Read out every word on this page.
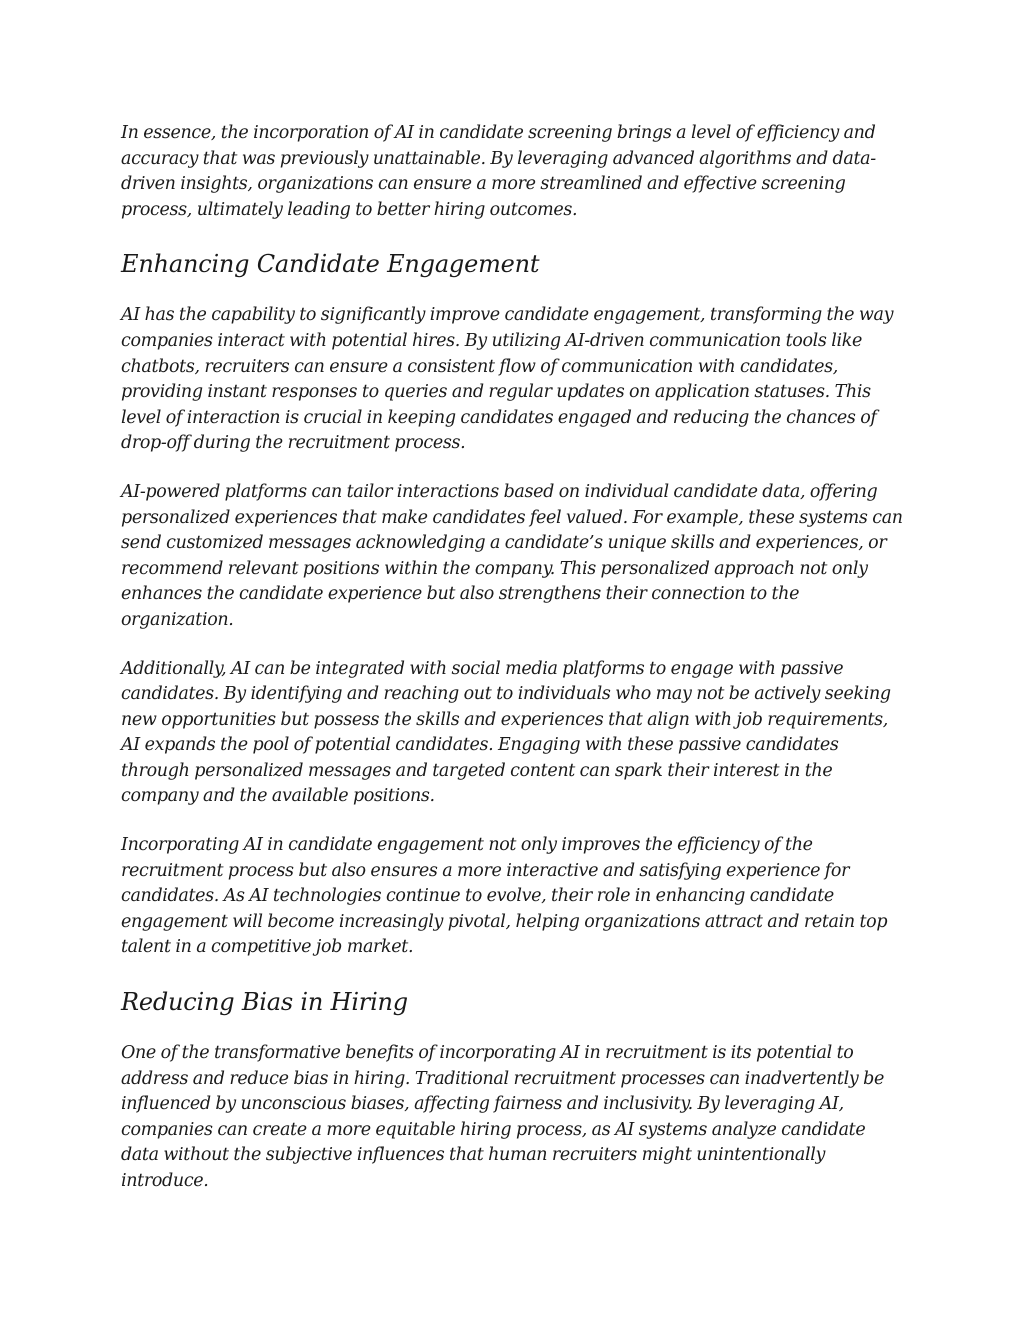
In essence, the incorporation of AI in candidate screening brings a level of efficiency and accuracy that was previously unattainable. By leveraging advanced algorithms and data-driven insights, organizations can ensure a more streamlined and effective screening process, ultimately leading to better hiring outcomes.

Enhancing Candidate Engagement

AI has the capability to significantly improve candidate engagement, transforming the way companies interact with potential hires. By utilizing AI-driven communication tools like chatbots, recruiters can ensure a consistent flow of communication with candidates, providing instant responses to queries and regular updates on application statuses. This level of interaction is crucial in keeping candidates engaged and reducing the chances of drop-off during the recruitment process.

AI-powered platforms can tailor interactions based on individual candidate data, offering personalized experiences that make candidates feel valued. For example, these systems can send customized messages acknowledging a candidate’s unique skills and experiences, or recommend relevant positions within the company. This personalized approach not only enhances the candidate experience but also strengthens their connection to the organization.

Additionally, AI can be integrated with social media platforms to engage with passive candidates. By identifying and reaching out to individuals who may not be actively seeking new opportunities but possess the skills and experiences that align with job requirements, AI expands the pool of potential candidates. Engaging with these passive candidates through personalized messages and targeted content can spark their interest in the company and the available positions.

Incorporating AI in candidate engagement not only improves the efficiency of the recruitment process but also ensures a more interactive and satisfying experience for candidates. As AI technologies continue to evolve, their role in enhancing candidate engagement will become increasingly pivotal, helping organizations attract and retain top talent in a competitive job market.

Reducing Bias in Hiring

One of the transformative benefits of incorporating AI in recruitment is its potential to address and reduce bias in hiring. Traditional recruitment processes can inadvertently be influenced by unconscious biases, affecting fairness and inclusivity. By leveraging AI, companies can create a more equitable hiring process, as AI systems analyze candidate data without the subjective influences that human recruiters might unintentionally introduce.
